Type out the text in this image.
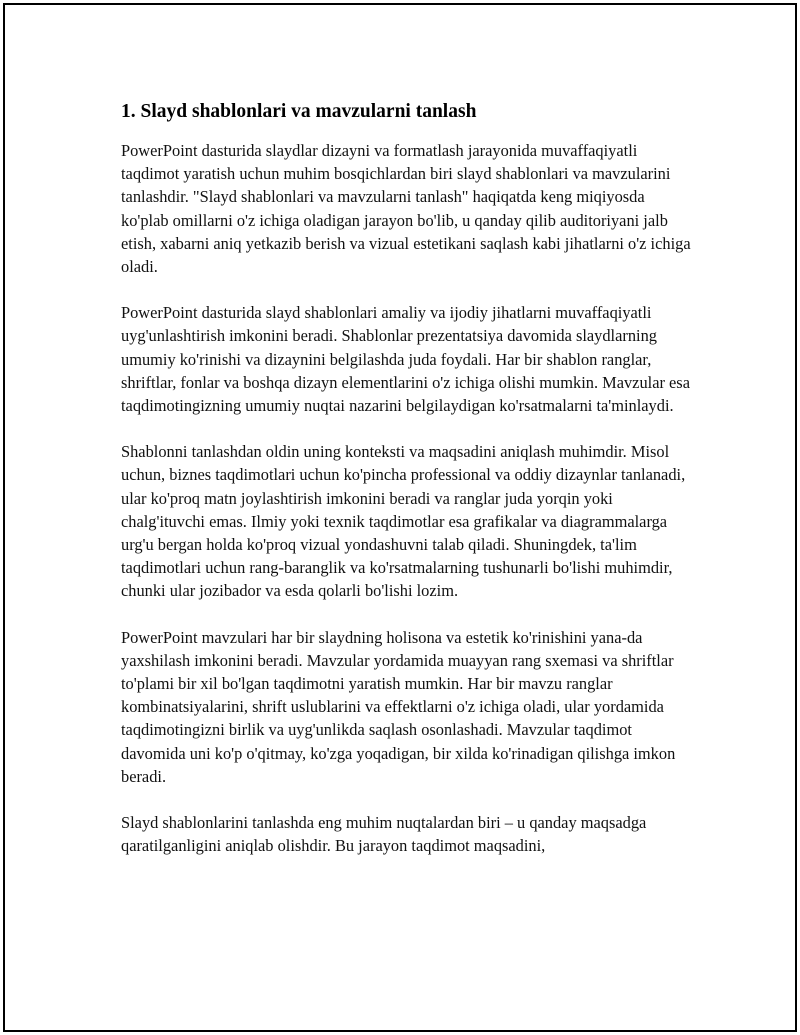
1. Slayd shablonlari va mavzularni tanlash

PowerPoint dasturida slaydlar dizayni va formatlash jarayonida muvaffaqiyatli taqdimot yaratish uchun muhim bosqichlardan biri slayd shablonlari va mavzularini tanlashdir. "Slayd shablonlari va mavzularni tanlash" haqiqatda keng miqiyosda ko'plab omillarni o'z ichiga oladigan jarayon bo'lib, u qanday qilib auditoriyani jalb etish, xabarni aniq yetkazib berish va vizual estetikani saqlash kabi jihatlarni o'z ichiga oladi.

PowerPoint dasturida slayd shablonlari amaliy va ijodiy jihatlarni muvaffaqiyatli uyg'unlashtirish imkonini beradi. Shablonlar prezentatsiya davomida slaydlarning umumiy ko'rinishi va dizaynini belgilashda juda foydali. Har bir shablon ranglar, shriftlar, fonlar va boshqa dizayn elementlarini o'z ichiga olishi mumkin. Mavzular esa taqdimotingizning umumiy nuqtai nazarini belgilaydigan ko'rsatmalarni ta'minlaydi.

Shablonni tanlashdan oldin uning konteksti va maqsadini aniqlash muhimdir. Misol uchun, biznes taqdimotlari uchun ko'pincha professional va oddiy dizaynlar tanlanadi, ular ko'proq matn joylashtirish imkonini beradi va ranglar juda yorqin yoki chalg'ituvchi emas. Ilmiy yoki texnik taqdimotlar esa grafikalar va diagrammalarga urg'u bergan holda ko'proq vizual yondashuvni talab qiladi. Shuningdek, ta'lim taqdimotlari uchun rang-baranglik va ko'rsatmalarning tushunarli bo'lishi muhimdir, chunki ular jozibador va esda qolarli bo'lishi lozim.

PowerPoint mavzulari har bir slaydning holisona va estetik ko'rinishini yana-da yaxshilash imkonini beradi. Mavzular yordamida muayyan rang sxemasi va shriftlar to'plami bir xil bo'lgan taqdimotni yaratish mumkin. Har bir mavzu ranglar kombinatsiyalarini, shrift uslublarini va effektlarni o'z ichiga oladi, ular yordamida taqdimotingizni birlik va uyg'unlikda saqlash osonlashadi. Mavzular taqdimot davomida uni ko'p o'qitmay, ko'zga yoqadigan, bir xilda ko'rinadigan qilishga imkon beradi.

Slayd shablonlarini tanlashda eng muhim nuqtalardan biri – u qanday maqsadga qaratilganligini aniqlab olishdir. Bu jarayon taqdimot maqsadini,
